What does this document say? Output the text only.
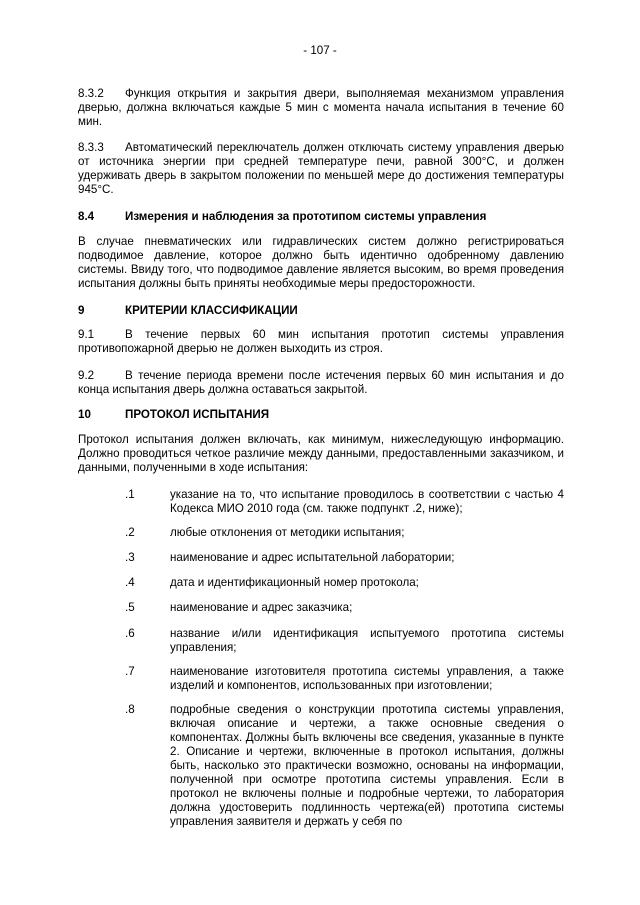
- 107 -
8.3.2	Функция открытия и закрытия двери, выполняемая механизмом управления дверью, должна включаться каждые 5 мин с момента начала испытания в течение 60 мин.
8.3.3	Автоматический переключатель должен отключать систему управления дверью от источника энергии при средней температуре печи, равной 300°C, и должен удерживать дверь в закрытом положении по меньшей мере до достижения температуры 945°C.
8.4	Измерения и наблюдения за прототипом системы управления
В случае пневматических или гидравлических систем должно регистрироваться подводимое давление, которое должно быть идентично одобренному давлению системы. Ввиду того, что подводимое давление является высоким, во время проведения испытания должны быть приняты необходимые меры предосторожности.
9	КРИТЕРИИ КЛАССИФИКАЦИИ
9.1	В течение первых 60 мин испытания прототип системы управления противопожарной дверью не должен выходить из строя.
9.2	В течение периода времени после истечения первых 60 мин испытания и до конца испытания дверь должна оставаться закрытой.
10	ПРОТОКОЛ ИСПЫТАНИЯ
Протокол испытания должен включать, как минимум, нижеследующую информацию. Должно проводиться четкое различие между данными, предоставленными заказчиком, и данными, полученными в ходе испытания:
.1	указание на то, что испытание проводилось в соответствии с частью 4 Кодекса МИО 2010 года (см. также подпункт .2, ниже);
.2	любые отклонения от методики испытания;
.3	наименование и адрес испытательной лаборатории;
.4	дата и идентификационный номер протокола;
.5	наименование и адрес заказчика;
.6	название и/или идентификация испытуемого прототипа системы управления;
.7	наименование изготовителя прототипа системы управления, а также изделий и компонентов, использованных при изготовлении;
.8	подробные сведения о конструкции прототипа системы управления, включая описание и чертежи, а также основные сведения о компонентах. Должны быть включены все сведения, указанные в пункте 2. Описание и чертежи, включенные в протокол испытания, должны быть, насколько это практически возможно, основаны на информации, полученной при осмотре прототипа системы управления. Если в протокол не включены полные и подробные чертежи, то лаборатория должна удостоверить подлинность чертежа(ей) прототипа системы управления заявителя и держать у себя по
